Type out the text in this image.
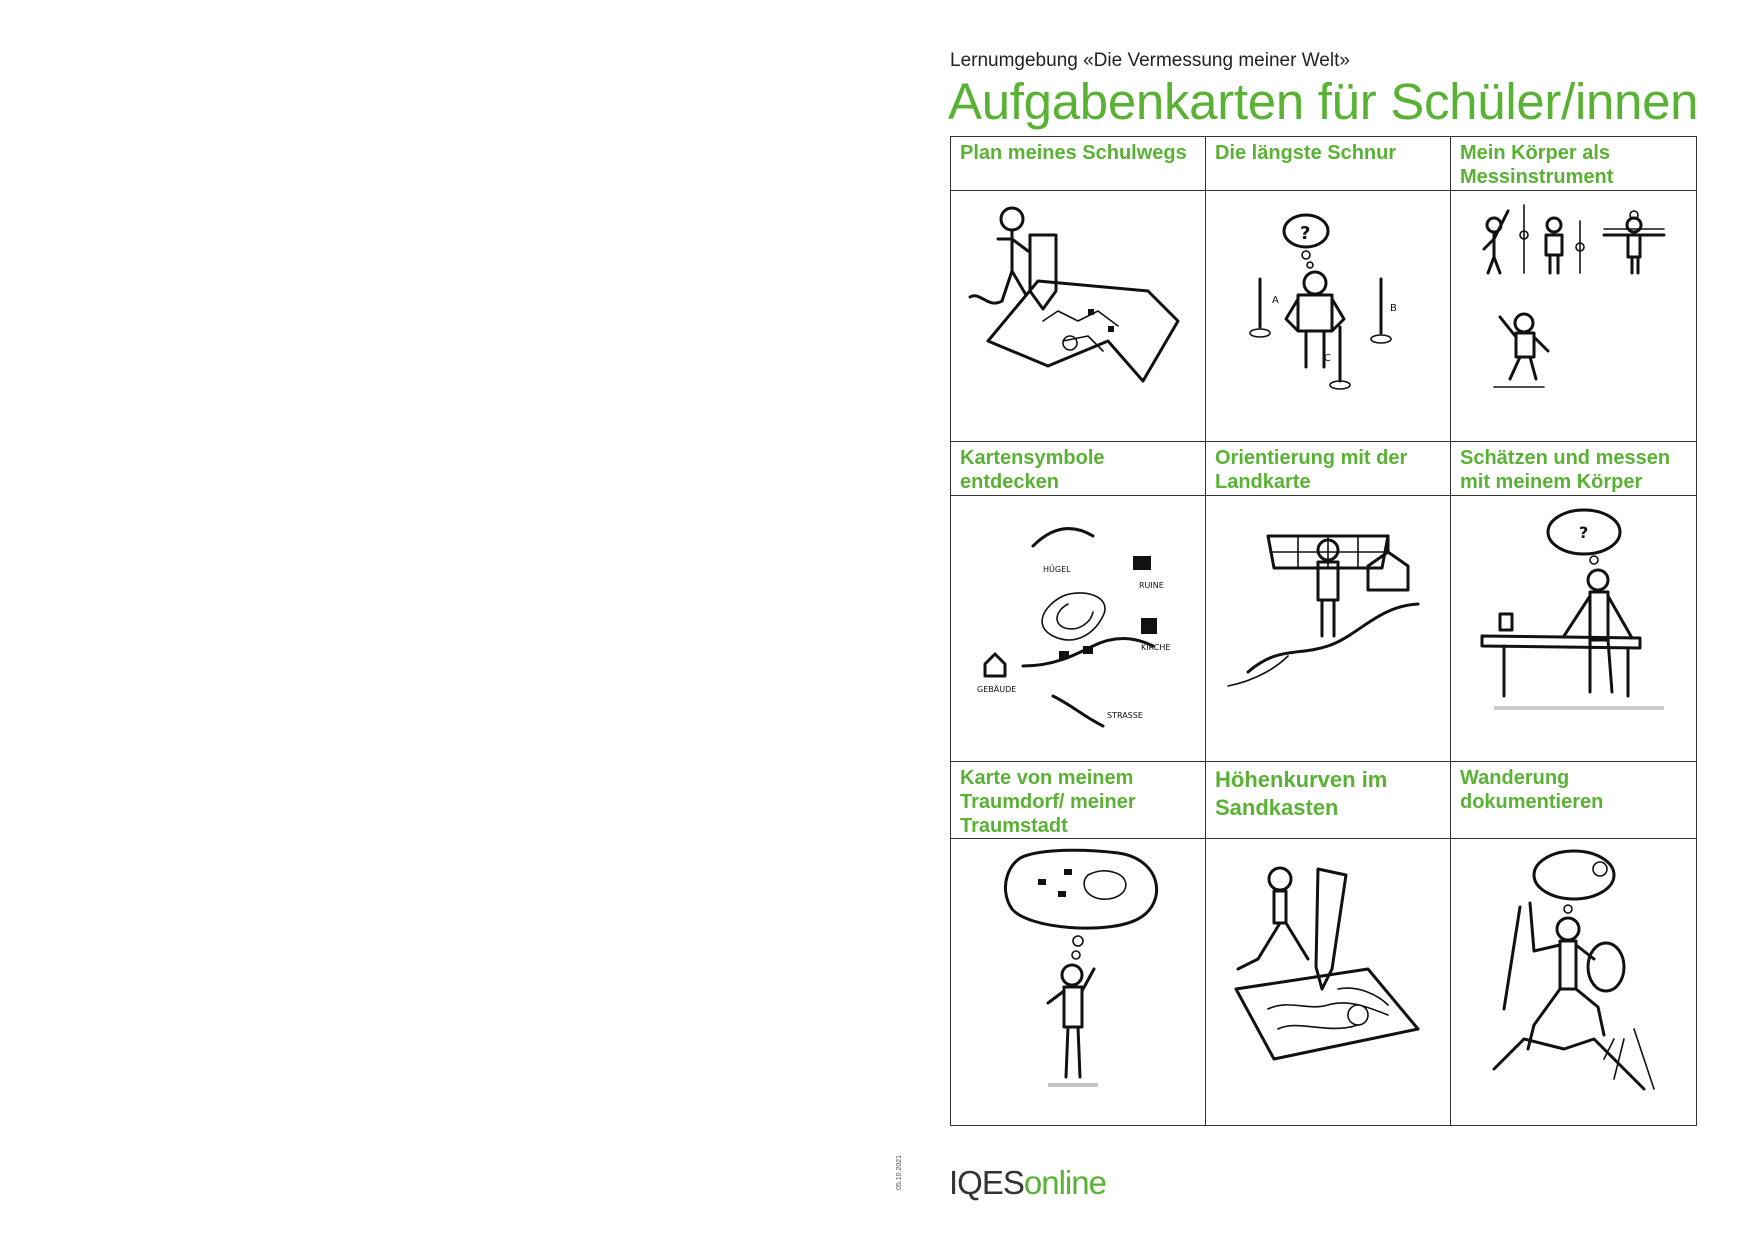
Lernumgebung «Die Vermessung meiner Welt»
Aufgabenkarten für Schüler/innen
Plan meines Schulwegs	Die längste Schnur	Mein Körper als
Messinstrument

?
A
B
C

Kartensymbole
entdecken	Orientierung mit der
Landkarte	Schätzen und messen
mit meinem Körper

HÜGEL
RUINE
KIRCHE
GEBÄUDE
STRASSE		?

Karte von meinem
Traumdorf/ meiner
Traumstadt	Höhenkurven im
Sandkasten	Wanderung
dokumentieren

IQESonline
05.10.2021
